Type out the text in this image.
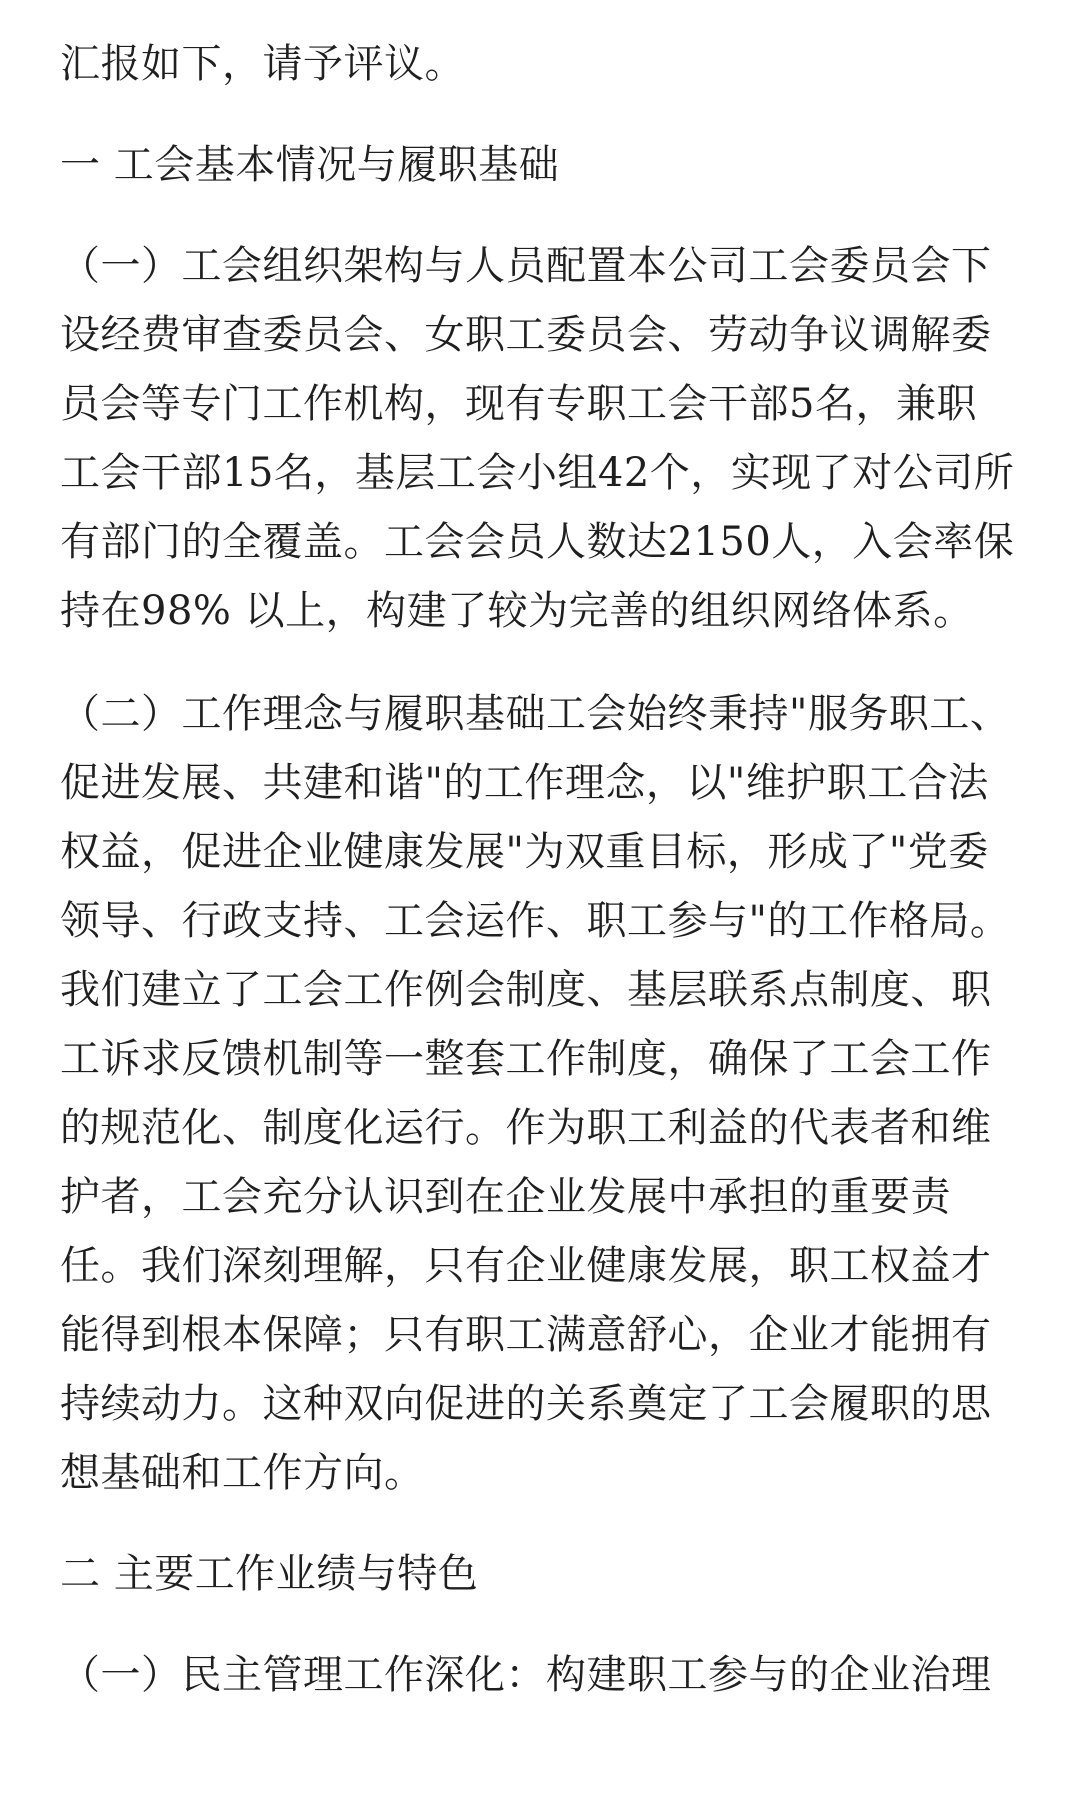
汇报如下，请予评议。
一 工会基本情况与履职基础
（一）工会组织架构与人员配置本公司工会委员会下
设经费审查委员会、女职工委员会、劳动争议调解委
员会等专门工作机构，现有专职工会干部5名，兼职
工会干部15名，基层工会小组42个，实现了对公司所
有部门的全覆盖。工会会员人数达2150人，入会率保
持在98% 以上，构建了较为完善的组织网络体系。
（二）工作理念与履职基础工会始终秉持"服务职工、
促进发展、共建和谐"的工作理念，以"维护职工合法
权益，促进企业健康发展"为双重目标，形成了"党委
领导、行政支持、工会运作、职工参与"的工作格局。
我们建立了工会工作例会制度、基层联系点制度、职
工诉求反馈机制等一整套工作制度，确保了工会工作
的规范化、制度化运行。作为职工利益的代表者和维
护者，工会充分认识到在企业发展中承担的重要责
任。我们深刻理解，只有企业健康发展，职工权益才
能得到根本保障；只有职工满意舒心，企业才能拥有
持续动力。这种双向促进的关系奠定了工会履职的思
想基础和工作方向。
二 主要工作业绩与特色
（一）民主管理工作深化：构建职工参与的企业治理
